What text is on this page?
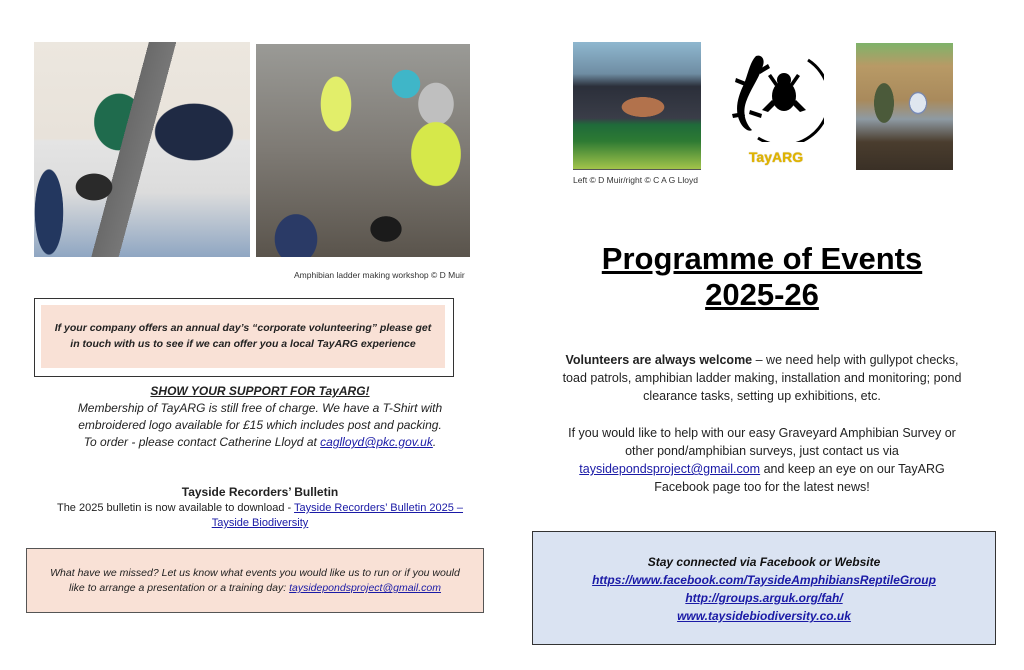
Amphibian ladder making workshop © D Muir
If your company offers an annual day’s “corporate volunteering” please get
in touch with us to see if we can offer you a local TayARG experience
SHOW YOUR SUPPORT FOR TayARG!
Membership of TayARG is still free of charge. We have a T-Shirt with
embroidered logo available for £15 which includes post and packing.
To order - please contact Catherine Lloyd at caglloyd@pkc.gov.uk.
Tayside Recorders’ Bulletin
The 2025 bulletin is now available to download - Tayside Recorders’ Bulletin 2025 –
Tayside Biodiversity
What have we missed? Let us know what events you would like us to run or if you would
like to arrange a presentation or a training day: taysidepondsproject@gmail.com
TayARG
Left © D Muir/right © C A G Lloyd
Programme of Events
2025-26
Volunteers are always welcome – we need help with gullypot checks,
toad patrols, amphibian ladder making, installation and monitoring; pond
clearance tasks, setting up exhibitions, etc.
If you would like to help with our easy Graveyard Amphibian Survey or
other pond/amphibian surveys, just contact us via
taysidepondsproject@gmail.com and keep an eye on our TayARG
Facebook page too for the latest news!
Stay connected via Facebook or Website
https://www.facebook.com/TaysideAmphibiansReptileGroup
http://groups.arguk.org/fah/
www.taysidebiodiversity.co.uk
